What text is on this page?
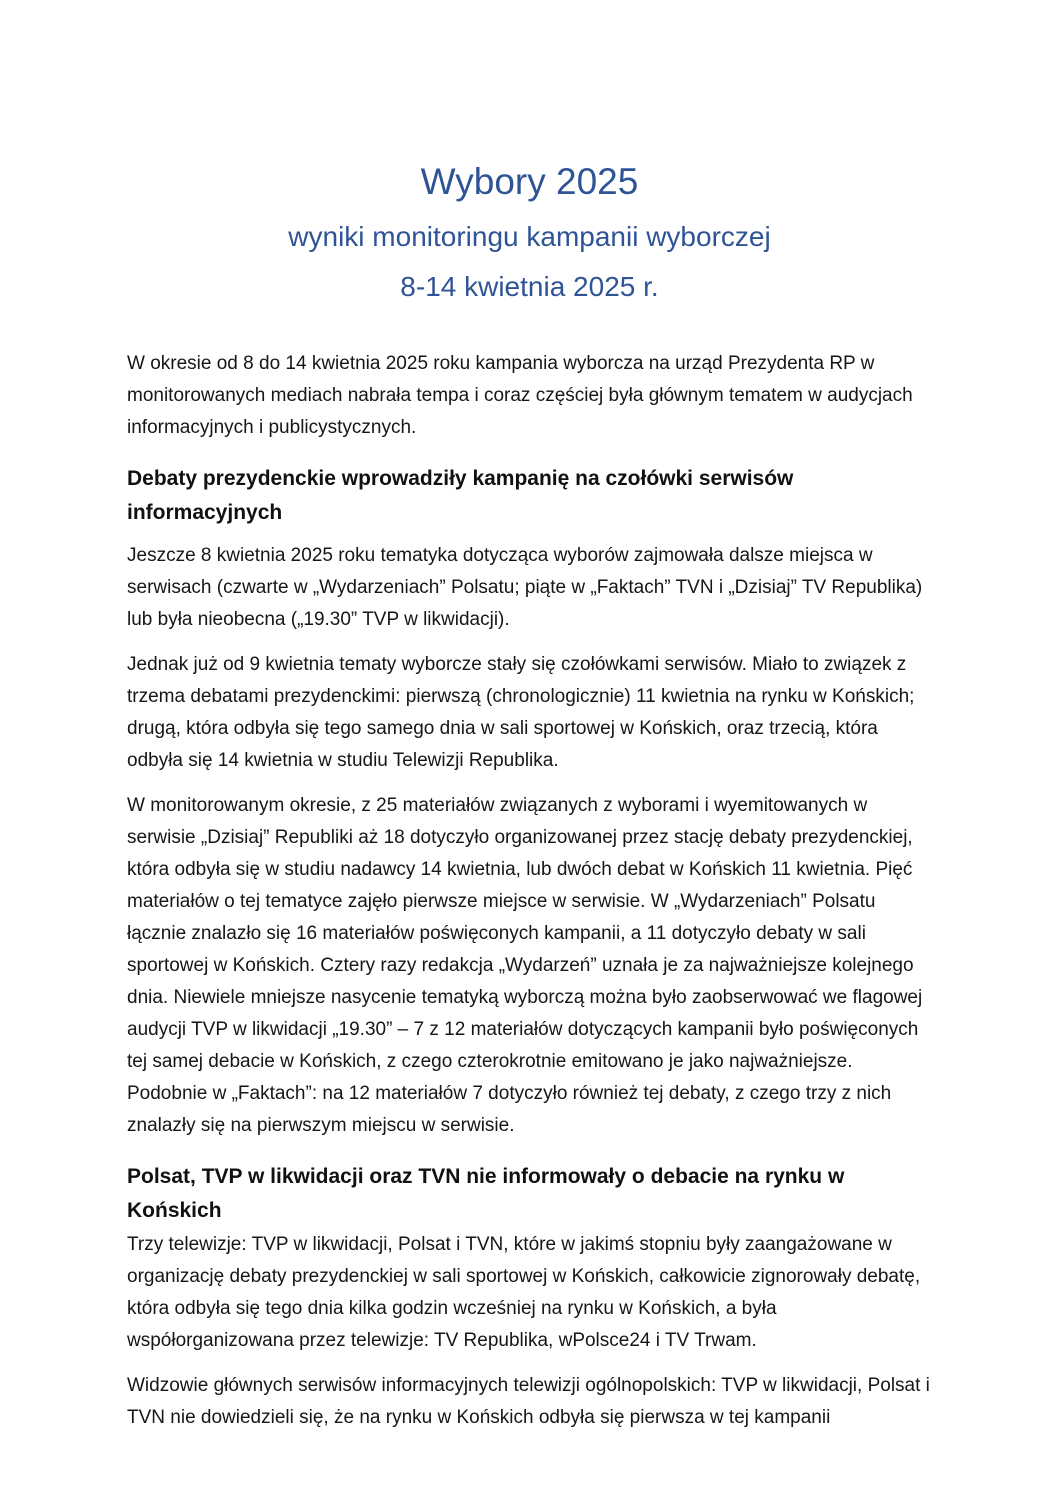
Wybory 2025
wyniki monitoringu kampanii wyborczej
8-14 kwietnia 2025 r.

W okresie od 8 do 14 kwietnia 2025 roku kampania wyborcza na urząd Prezydenta RP w monitorowanych mediach nabrała tempa i coraz częściej była głównym tematem w audycjach informacyjnych i publicystycznych.

Debaty prezydenckie wprowadziły kampanię na czołówki serwisów informacyjnych

Jeszcze 8 kwietnia 2025 roku tematyka dotycząca wyborów zajmowała dalsze miejsca w serwisach (czwarte w „Wydarzeniach” Polsatu; piąte w „Faktach” TVN i „Dzisiaj” TV Republika) lub była nieobecna („19.30” TVP w likwidacji).

Jednak już od 9 kwietnia tematy wyborcze stały się czołówkami serwisów. Miało to związek z trzema debatami prezydenckimi: pierwszą (chronologicznie) 11 kwietnia na rynku w Końskich; drugą, która odbyła się tego samego dnia w sali sportowej w Końskich, oraz trzecią, która odbyła się 14 kwietnia w studiu Telewizji Republika.

W monitorowanym okresie, z 25 materiałów związanych z wyborami i wyemitowanych w serwisie „Dzisiaj” Republiki aż 18 dotyczyło organizowanej przez stację debaty prezydenckiej, która odbyła się w studiu nadawcy 14 kwietnia, lub dwóch debat w Końskich 11 kwietnia. Pięć materiałów o tej tematyce zajęło pierwsze miejsce w serwisie. W „Wydarzeniach” Polsatu łącznie znalazło się 16 materiałów poświęconych kampanii, a 11 dotyczyło debaty w sali sportowej w Końskich. Cztery razy redakcja „Wydarzeń” uznała je za najważniejsze kolejnego dnia. Niewiele mniejsze nasycenie tematyką wyborczą można było zaobserwować we flagowej audycji TVP w likwidacji „19.30” – 7 z 12 materiałów dotyczących kampanii było poświęconych tej samej debacie w Końskich, z czego czterokrotnie emitowano je jako najważniejsze. Podobnie w „Faktach”: na 12 materiałów 7 dotyczyło również tej debaty, z czego trzy z nich znalazły się na pierwszym miejscu w serwisie.

Polsat, TVP w likwidacji oraz TVN nie informowały o debacie na rynku w Końskich

Trzy telewizje: TVP w likwidacji, Polsat i TVN, które w jakimś stopniu były zaangażowane w organizację debaty prezydenckiej w sali sportowej w Końskich, całkowicie zignorowały debatę, która odbyła się tego dnia kilka godzin wcześniej na rynku w Końskich, a była współorganizowana przez telewizje: TV Republika, wPolsce24 i TV Trwam.

Widzowie głównych serwisów informacyjnych telewizji ogólnopolskich: TVP w likwidacji, Polsat i TVN nie dowiedzieli się, że na rynku w Końskich odbyła się pierwsza w tej kampanii
